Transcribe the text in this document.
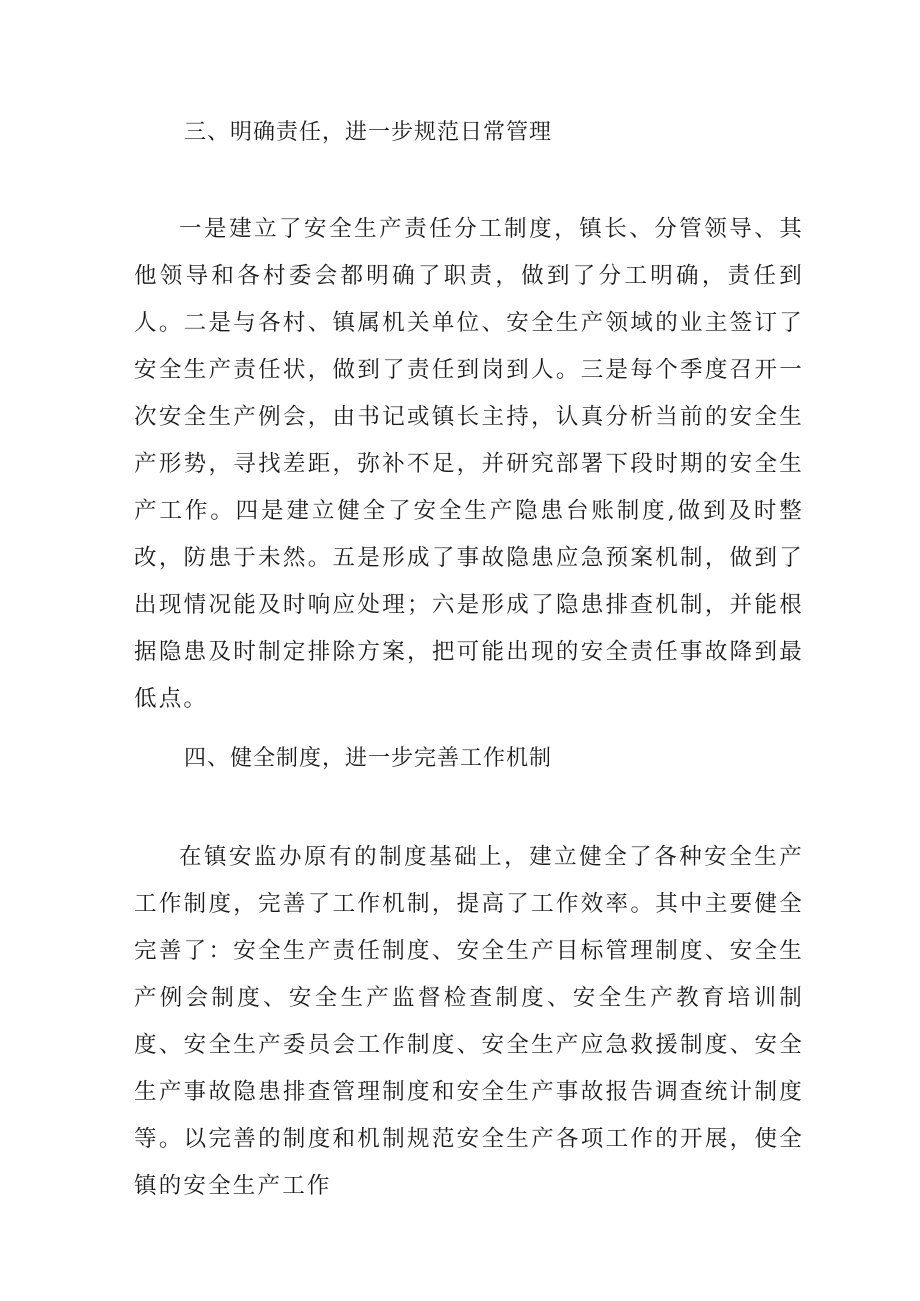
三、明确责任，进一步规范日常管理

一是建立了安全生产责任分工制度，镇长、分管领导、其他领导和各村委会都明确了职责，做到了分工明确，责任到人。二是与各村、镇属机关单位、安全生产领域的业主签订了安全生产责任状，做到了责任到岗到人。三是每个季度召开一次安全生产例会，由书记或镇长主持，认真分析当前的安全生产形势，寻找差距，弥补不足，并研究部署下段时期的安全生产工作。四是建立健全了安全生产隐患台账制度,做到及时整改，防患于未然。五是形成了事故隐患应急预案机制，做到了出现情况能及时响应处理；六是形成了隐患排查机制，并能根据隐患及时制定排除方案，把可能出现的安全责任事故降到最低点。

四、健全制度，进一步完善工作机制

在镇安监办原有的制度基础上，建立健全了各种安全生产工作制度，完善了工作机制，提高了工作效率。其中主要健全完善了：安全生产责任制度、安全生产目标管理制度、安全生产例会制度、安全生产监督检查制度、安全生产教育培训制度、安全生产委员会工作制度、安全生产应急救援制度、安全生产事故隐患排查管理制度和安全生产事故报告调查统计制度等。以完善的制度和机制规范安全生产各项工作的开展，使全镇的安全生产工作
